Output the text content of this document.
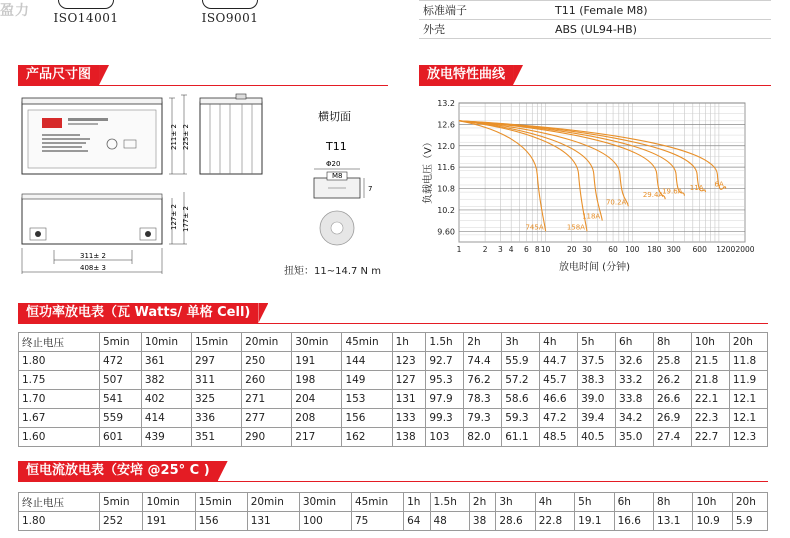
盈力	ISO14001	ISO9001
标准端子	T11 (Female M8)
外壳	ABS (UL94-HB)
产品尺寸图	放电特性曲线
211± 2 225± 2
127± 2 177± 2
311± 2
408± 3
横切面
T11
Φ20
M8
7
扭矩：11~14.7 N m
745A	158A
118A
70.2A
29.4A
19.6A 11A 6A
13.2
12.6
12.0
11.6
10.8
10.2
9.60
1	2 3 4 6 8 10 20 30 60 100 180 300 600 1200 2000
负载电压（V）
放电时间 (分钟)
恒功率放电表（瓦 Watts/ 单格 Cell)
终止电压	5min	10min	15min	20min	30min	45min	1h	1.5h	2h	3h	4h	5h	6h	8h	10h	20h
1.80	472	361	297	250	191	144	123	92.7	74.4	55.9	44.7	37.5	32.6	25.8	21.5	11.8
1.75	507	382	311	260	198	149	127	95.3	76.2	57.2	45.7	38.3	33.2	26.2	21.8	11.9
1.70	541	402	325	271	204	153	131	97.9	78.3	58.6	46.6	39.0	33.8	26.6	22.1	12.1
1.67	559	414	336	277	208	156	133	99.3	79.3	59.3	47.2	39.4	34.2	26.9	22.3	12.1
1.60	601	439	351	290	217	162	138	103	82.0	61.1	48.5	40.5	35.0	27.4	22.7	12.3
恒电流放电表（安培 @25° C )
终止电压	5min	10min	15min	20min	30min	45min	1h	1.5h	2h	3h	4h	5h	6h	8h	10h	20h
1.80	252	191	156	131	100	75	64	48	38	28.6	22.8	19.1	16.6	13.1	10.9	5.9
